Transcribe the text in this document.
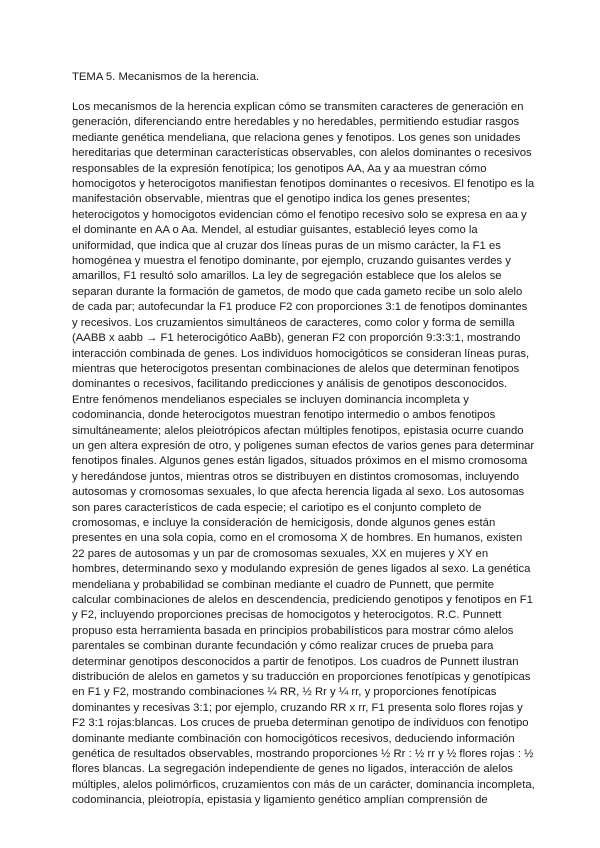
TEMA 5. Mecanismos de la herencia.
Los mecanismos de la herencia explican cómo se transmiten caracteres de generación en
generación, diferenciando entre heredables y no heredables, permitiendo estudiar rasgos
mediante genética mendeliana, que relaciona genes y fenotipos. Los genes son unidades
hereditarias que determinan características observables, con alelos dominantes o recesivos
responsables de la expresión fenotípica; los genotipos AA, Aa y aa muestran cómo
homocigotos y heterocigotos manifiestan fenotipos dominantes o recesivos. El fenotipo es la
manifestación observable, mientras que el genotipo indica los genes presentes;
heterocigotos y homocigotos evidencian cómo el fenotipo recesivo solo se expresa en aa y
el dominante en AA o Aa. Mendel, al estudiar guisantes, estableció leyes como la
uniformidad, que indica que al cruzar dos líneas puras de un mismo carácter, la F1 es
homogénea y muestra el fenotipo dominante, por ejemplo, cruzando guisantes verdes y
amarillos, F1 resultó solo amarillos. La ley de segregación establece que los alelos se
separan durante la formación de gametos, de modo que cada gameto recibe un solo alelo
de cada par; autofecundar la F1 produce F2 con proporciones 3:1 de fenotipos dominantes
y recesivos. Los cruzamientos simultáneos de caracteres, como color y forma de semilla
(AABB x aabb → F1 heterocigótico AaBb), generan F2 con proporción 9:3:3:1, mostrando
interacción combinada de genes. Los individuos homocigóticos se consideran líneas puras,
mientras que heterocigotos presentan combinaciones de alelos que determinan fenotipos
dominantes o recesivos, facilitando predicciones y análisis de genotipos desconocidos.
Entre fenómenos mendelianos especiales se incluyen dominancia incompleta y
codominancia, donde heterocigotos muestran fenotipo intermedio o ambos fenotipos
simultáneamente; alelos pleiotrópicos afectan múltiples fenotipos, epistasia ocurre cuando
un gen altera expresión de otro, y poligenes suman efectos de varios genes para determinar
fenotipos finales. Algunos genes están ligados, situados próximos en el mismo cromosoma
y heredándose juntos, mientras otros se distribuyen en distintos cromosomas, incluyendo
autosomas y cromosomas sexuales, lo que afecta herencia ligada al sexo. Los autosomas
son pares característicos de cada especie; el cariotipo es el conjunto completo de
cromosomas, e incluye la consideración de hemicigosis, donde algunos genes están
presentes en una sola copia, como en el cromosoma X de hombres. En humanos, existen
22 pares de autosomas y un par de cromosomas sexuales, XX en mujeres y XY en
hombres, determinando sexo y modulando expresión de genes ligados al sexo. La genética
mendeliana y probabilidad se combinan mediante el cuadro de Punnett, que permite
calcular combinaciones de alelos en descendencia, prediciendo genotipos y fenotipos en F1
y F2, incluyendo proporciones precisas de homocigotos y heterocigotos. R.C. Punnett
propuso esta herramienta basada en principios probabilísticos para mostrar cómo alelos
parentales se combinan durante fecundación y cómo realizar cruces de prueba para
determinar genotipos desconocidos a partir de fenotipos. Los cuadros de Punnett ilustran
distribución de alelos en gametos y su traducción en proporciones fenotípicas y genotípicas
en F1 y F2, mostrando combinaciones ¼ RR, ½ Rr y ¼ rr, y proporciones fenotípicas
dominantes y recesivas 3:1; por ejemplo, cruzando RR x rr, F1 presenta solo flores rojas y
F2 3:1 rojas:blancas. Los cruces de prueba determinan genotipo de individuos con fenotipo
dominante mediante combinación con homocigóticos recesivos, deduciendo información
genética de resultados observables, mostrando proporciones ½ Rr : ½ rr y ½ flores rojas : ½
flores blancas. La segregación independiente de genes no ligados, interacción de alelos
múltiples, alelos polimórficos, cruzamientos con más de un carácter, dominancia incompleta,
codominancia, pleiotropía, epistasia y ligamiento genético amplían comprensión de
